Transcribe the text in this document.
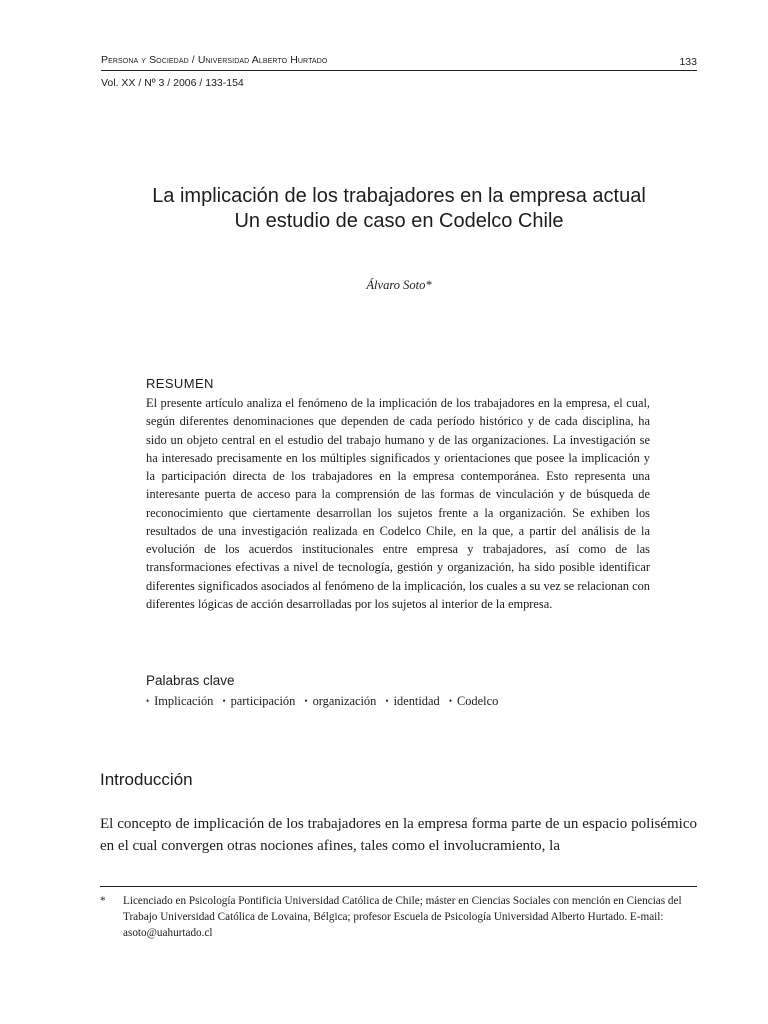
Persona y Sociedad / Universidad Alberto Hurtado	133
Vol. XX / Nº 3 / 2006 / 133-154
La implicación de los trabajadores en la empresa actual
Un estudio de caso en Codelco Chile
Álvaro Soto*
RESUMEN
El presente artículo analiza el fenómeno de la implicación de los trabajadores en la empresa, el cual, según diferentes denominaciones que dependen de cada período histórico y de cada disciplina, ha sido un objeto central en el estudio del trabajo humano y de las organizaciones. La investigación se ha interesado precisamente en los múltiples significados y orientaciones que posee la implicación y la participación directa de los trabajadores en la empresa contemporánea. Esto representa una interesante puerta de acceso para la comprensión de las formas de vinculación y de búsqueda de reconocimiento que ciertamente desarrollan los sujetos frente a la organización. Se exhiben los resultados de una investigación realizada en Codelco Chile, en la que, a partir del análisis de la evolución de los acuerdos institucionales entre empresa y trabajadores, así como de las transformaciones efectivas a nivel de tecnología, gestión y organización, ha sido posible identificar diferentes significados asociados al fenómeno de la implicación, los cuales a su vez se relacionan con diferentes lógicas de acción desarrolladas por los sujetos al interior de la empresa.
Palabras clave
• Implicación • participación • organización • identidad • Codelco
Introducción
El concepto de implicación de los trabajadores en la empresa forma parte de un espacio polisémico en el cual convergen otras nociones afines, tales como el involucramiento, la
* Licenciado en Psicología Pontificia Universidad Católica de Chile; máster en Ciencias Sociales con mención en Ciencias del Trabajo Universidad Católica de Lovaina, Bélgica; profesor Escuela de Psicología Universidad Alberto Hurtado. E-mail: asoto@uahurtado.cl
